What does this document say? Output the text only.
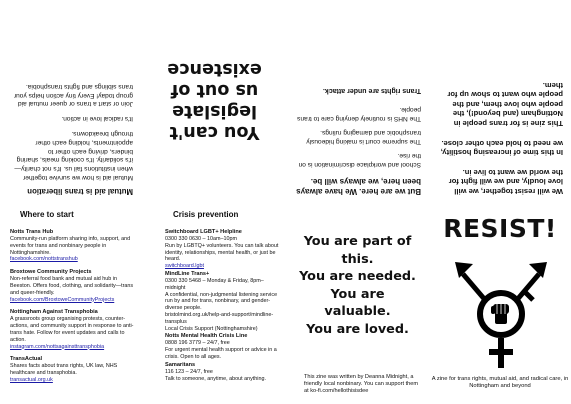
Mutual aid is trans liberation
Mutual aid is how we survive together when institutions fail us. It's not charity—it's solidarity. It's cooking meals, sharing binders, driving each other to appointments, holding each other through breakdowns.
It's radical love in action.
Join or start a trans or queer mutual aid group today! Every tiny action helps your trans siblings and fights transphobia.
You can't
legislate
us out of
existence
But we are here. We have always been here, we always will be.
School and workplace discrimination is on the rise.
The supreme court is making hideously transphobic and damaging rulings.
The NHS is routinely denying care to trans people.
Trans rights are under attack.
We will resist together, we will love loudly, and we will fight for the world we want to live in.
In this time of increasing hostility, we need to hold each other close.
This zine is for trans people in Nottingham (and beyond!), the people who love them, and the people who want to show up for them.
Where to start
Notts Trans Hub
Community-run platform sharing info, support, and events for trans and nonbinary people in Nottinghamshire.
facebook.com/nottstranshub
Broxtowe Community Projects
Non-referral food bank and mutual aid hub in Beeston. Offers food, clothing, and solidarity—trans and queer-friendly.
facebook.com/BroxtoweCommunityProjects
Nottingham Against Transphobia
A grassroots group organising protests, counter-actions, and community support in response to anti-trans hate. Follow for event updates and calls to action.
instagram.com/nottsagainsttransphobia
TransActual
Shares facts about trans rights, UK law, NHS healthcare and transphobia.
transactual.org.uk
Crisis prevention
Switchboard LGBT+ Helpline
0300 330 0630 – 10am–10pm
Run by LGBTQ+ volunteers. You can talk about identity, relationships, mental health, or just be heard.
switchboard.lgbt
MindLine Trans+
0300 330 5468 – Monday & Friday, 8pm–midnight
A confidential, non-judgmental listening service run by and for trans, nonbinary, and gender-diverse people.
bristolmind.org.uk/help-and-support/mindline-transplus
Local Crisis Support (Nottinghamshire)
Notts Mental Health Crisis Line
0808 196 3779 – 24/7, free
For urgent mental health support or advice in a crisis. Open to all ages.
Samaritans
116 123 – 24/7, free
Talk to someone, anytime, about anything.
You are part of
this.
You are needed.
You are
valuable.
You are loved.
This zine was written by Deanna Midnight, a friendly local nonbinary. You can support them at ko-fi.com/hellothisisdee
RESIST!
A zine for trans rights, mutual aid, and radical care, in Nottingham and beyond
